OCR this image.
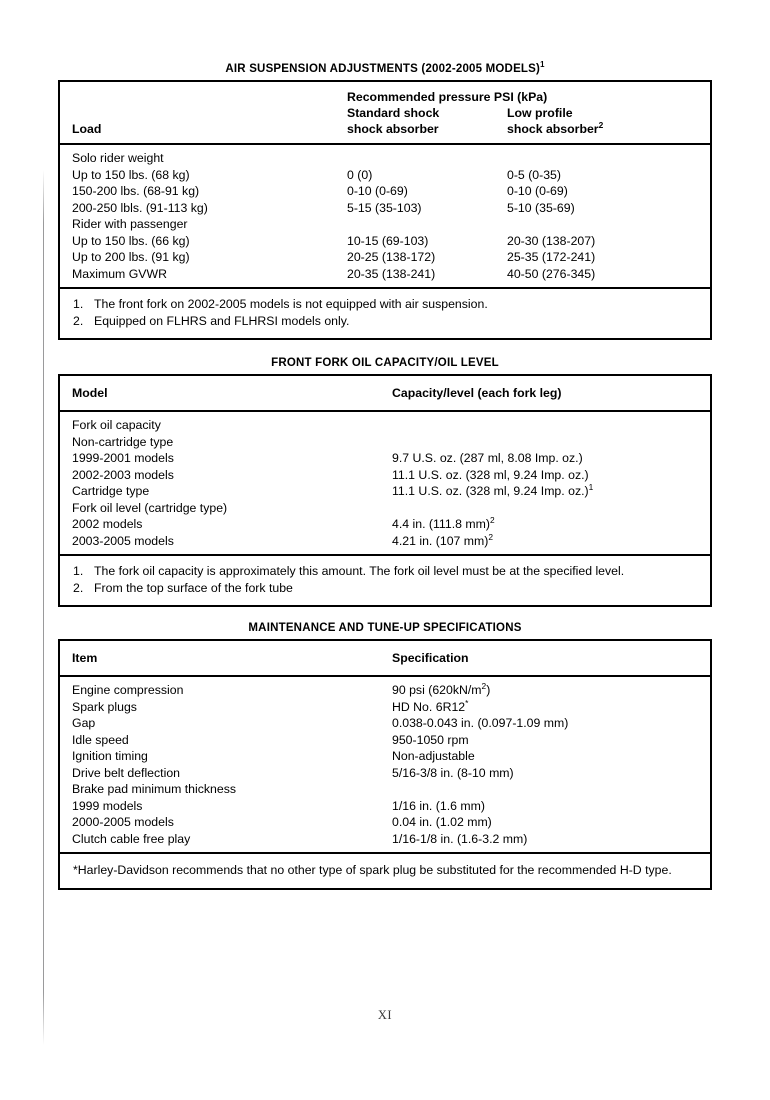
AIR SUSPENSION ADJUSTMENTS (2002-2005 MODELS)$^1$
Recommended pressure PSI (kPa)

Standard shock	Low profile
Load	shock absorber	shock absorber$^2$
Solo rider weight
Up to 150 lbs. (68 kg)	0 (0)	0-5 (0-35)
150-200 lbs. (68-91 kg)	0-10 (0-69)	0-10 (0-69)
200-250 lbls. (91-113 kg)	5-15 (35-103)	5-10 (35-69)
Rider with passenger
Up to 150 lbs. (66 kg)	10-15 (69-103)	20-30 (138-207)
Up to 200 lbs. (91 kg)	20-25 (138-172)	25-35 (172-241)
Maximum GVWR	20-35 (138-241)	40-50 (276-345)
1. The front fork on 2002-2005 models is not equipped with air suspension.
2. Equipped on FLHRS and FLHRSI models only.
FRONT FORK OIL CAPACITY/OIL LEVEL
Model	Capacity/level (each fork leg)
Fork oil capacity
Non-cartridge type
1999-2001 models	9.7 U.S. oz. (287 ml, 8.08 Imp. oz.)
2002-2003 models	11.1 U.S. oz. (328 ml, 9.24 Imp. oz.)
Cartridge type	11.1 U.S. oz. (328 ml, 9.24 Imp. oz.)$^1$
Fork oil level (cartridge type)
2002 models	4.4 in. (111.8 mm)$^2$
2003-2005 models	4.21 in. (107 mm)$^2$
1. The fork oil capacity is approximately this amount. The fork oil level must be at the specified level.
2. From the top surface of the fork tube
MAINTENANCE AND TUNE-UP SPECIFICATIONS
Item	Specification
Engine compression	90 psi $(620kN/m^2)$
Spark plugs	HD No. 6R12*
Gap	0.038-0.043 in. (0.097-1.09 mm)
Idle speed	950-1050 rpm
Ignition timing	Non-adjustable
Drive belt deflection	5/16-3/8 in. (8-10 mm)
Brake pad minimum thickness
1999 models	1/16 in. (1.6 mm)
2000-2005 models	0.04 in. (1.02 mm)
Clutch cable free play	1/16-1/8 in. (1.6-3.2 mm)
*Harley-Davidson recommends that no other type of spark plug be substituted for the recommended H-D type.
XI
